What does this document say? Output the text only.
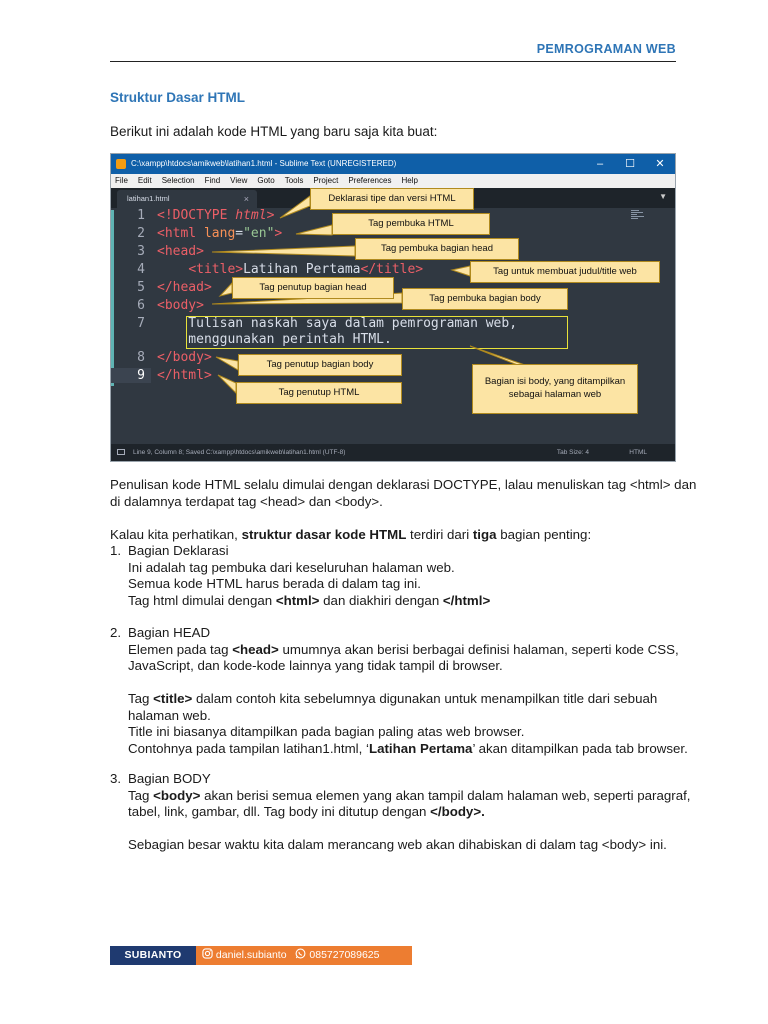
PEMROGRAMAN WEB
Struktur Dasar HTML
Berikut ini adalah kode HTML yang baru saja kita buat:
C:\xampp\htdocs\amikweb\latihan1.html - Sublime Text (UNREGISTERED)	–	☐	✕
File Edit Selection Find View Goto Tools Project Preferences Help
latihan1.html	×	▼
1
2
3
4
5
6
7
8
9
<!DOCTYPE html>
<html lang="en">
<head>
<title>Latihan Pertama</title>
</head>
<body>
Tulisan naskah saya dalam pemrograman web,
menggunakan perintah HTML.
</body>
</html>
Line 9, Column 8; Saved C:\xampp\htdocs\amikweb\latihan1.html (UTF-8)	Tab Size: 4	HTML
Deklarasi tipe dan versi HTML
Tag pembuka HTML
Tag pembuka bagian head
Tag untuk membuat judul/title web
Tag penutup bagian head
Tag pembuka bagian body
Tag penutup bagian body
Tag penutup HTML
Bagian isi body, yang ditampilkan sebagai halaman web
Penulisan kode HTML selalu dimulai dengan deklarasi DOCTYPE, lalau menuliskan tag <html> dan
di dalamnya terdapat tag <head> dan <body>.
Kalau kita perhatikan, struktur dasar kode HTML terdiri dari tiga bagian penting:
1. Bagian Deklarasi
Ini adalah tag pembuka dari keseluruhan halaman web.
Semua kode HTML harus berada di dalam tag ini.
Tag html dimulai dengan <html> dan diakhiri dengan </html>
2. Bagian HEAD
Elemen pada tag <head> umumnya akan berisi berbagai definisi halaman, seperti kode CSS,
JavaScript, dan kode-kode lainnya yang tidak tampil di browser.
Tag <title> dalam contoh kita sebelumnya digunakan untuk menampilkan title dari sebuah
halaman web.
Title ini biasanya ditampilkan pada bagian paling atas web browser.
Contohnya pada tampilan latihan1.html, ‘Latihan Pertama’ akan ditampilkan pada tab browser.
3. Bagian BODY
Tag <body> akan berisi semua elemen yang akan tampil dalam halaman web, seperti paragraf,
tabel, link, gambar, dll. Tag body ini ditutup dengan </body>.
Sebagian besar waktu kita dalam merancang web akan dihabiskan di dalam tag <body> ini.
SUBIANTO	daniel.subianto 085727089625
